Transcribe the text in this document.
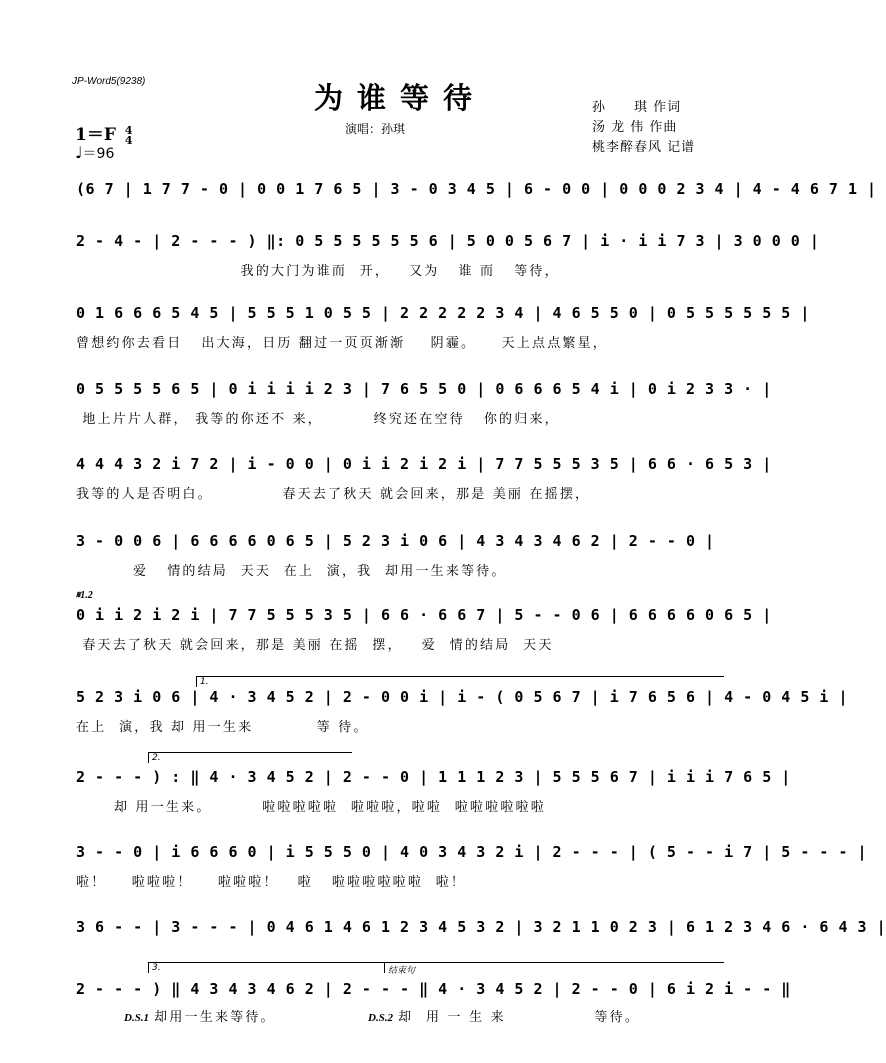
JP-Word5(9238)	为谁等待	孙　　琪 作词
汤 龙 伟 作曲
桃李醉春风 记谱
演唱：孙琪
1＝F 4
4
♩＝96
(6 7 | 1 7 7 - 0 | 0 0 1 7 6 5 | 3 - 0 3 4 5 | 6 - 0 0 | 0 0 0 2 3 4 | 4 - 4 6 7 1 |
2 - 4 - | 2 - - - ) ‖: 0 5 5 5 5 5 5 6 | 5 0 0 5 6 7 | i · i i 7 3 | 3 0 0 0 |
我的大门为谁而  开，   又为   谁 而   等待，
0 1 6 6 6 5 4 5 | 5 5 5 1 0 5 5 | 2 2 2 2 2 3 4 | 4 6 5 5 0 | 0 5 5 5 5 5 5 |
曾想约你去看日   出大海，日历 翻过一页页渐渐    阴霾。    天上点点繁星，
0 5 5 5 5 6 5 | 0 i i i i 2 3 | 7 6 5 5 0 | 0 6 6 6 5 4 i | 0 i 2 3 3 · |
地上片片人群， 我等的你还不 来，        终究还在空待   你的归来，
4 4 4 3 2 i 7 2 | i - 0 0 | 0 i i 2 i 2 i | 7 7 5 5 5 3 5 | 6 6 · 6 5 3 |
我等的人是否明白。           春天去了秋天 就会回来，那是 美丽 在摇摆，
3 - 0 0 6 | 6 6 6 6 0 6 5 | 5 2 3 i 0 6 | 4 3 4 3 4 6 2 | 2 - - 0 |
爱   情的结局  天天  在上  演，我  却用一生来等待。
𝄋1.2
0 i i 2 i 2 i | 7 7 5 5 5 3 5 | 6 6 · 6 6 7 | 5 - - 0 6 | 6 6 6 6 0 6 5 |
春天去了秋天 就会回来，那是 美丽 在摇  摆，   爱  情的结局  天天
1.
5 2 3 i 0 6 | 4 · 3 4 5 2 | 2 - 0 0 i | i - ( 0 5 6 7 | i 7 6 5 6 | 4 - 0 4 5 i |
在上  演，我 却 用一生来          等 待。
2.
2 - - - ) : ‖ 4 · 3 4 5 2 | 2 - - 0 | 1 1 1 2 3 | 5 5 5 6 7 | i i i 7 6 5 |
却 用一生来。        啦啦啦啦啦  啦啦啦，啦啦  啦啦啦啦啦啦
3 - - 0 | i 6 6 6 0 | i 5 5 5 0 | 4 0 3 4 3 2 i | 2 - - - | ( 5 - - i 7 | 5 - - - |
啦！    啦啦啦！    啦啦啦！   啦   啦啦啦啦啦啦  啦！
3 6 - - | 3 - - - | 0 4 6 1 4 6 1 2 3 4 5 3 2 | 3 2 1 1 0 2 3 | 6 1 2 3 4 6 · 6 4 3 |
3.	结束句
2 - - - ) ‖ 4 3 4 3 4 6 2 | 2 - - - ‖ 4 · 3 4 5 2 | 2 - - 0 | 6 i 2 i - - ‖
D.S.1 却用一生来等待。	D.S.2 却  用 一 生 来              等待。
